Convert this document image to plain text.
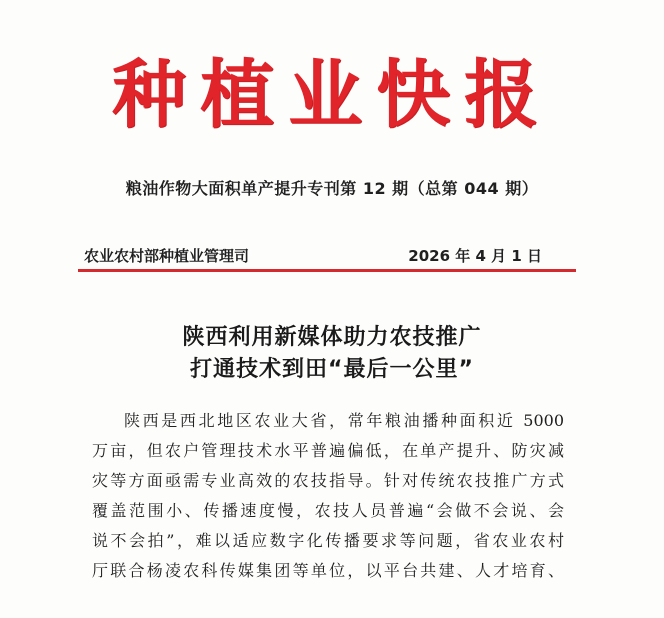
种植业快报
粮油作物大面积单产提升专刊第 12 期（总第 044 期）
农业农村部种植业管理司	2026 年 4 月 1 日
陕西利用新媒体助力农技推广
打通技术到田“最后一公里”
陕西是西北地区农业大省，常年粮油播种面积近 5000
万亩，但农户管理技术水平普遍偏低，在单产提升、防灾减
灾等方面亟需专业高效的农技指导。针对传统农技推广方式
覆盖范围小、传播速度慢，农技人员普遍“会做不会说、会
说不会拍”，难以适应数字化传播要求等问题，省农业农村
厅联合杨凌农科传媒集团等单位，以平台共建、人才培育、
